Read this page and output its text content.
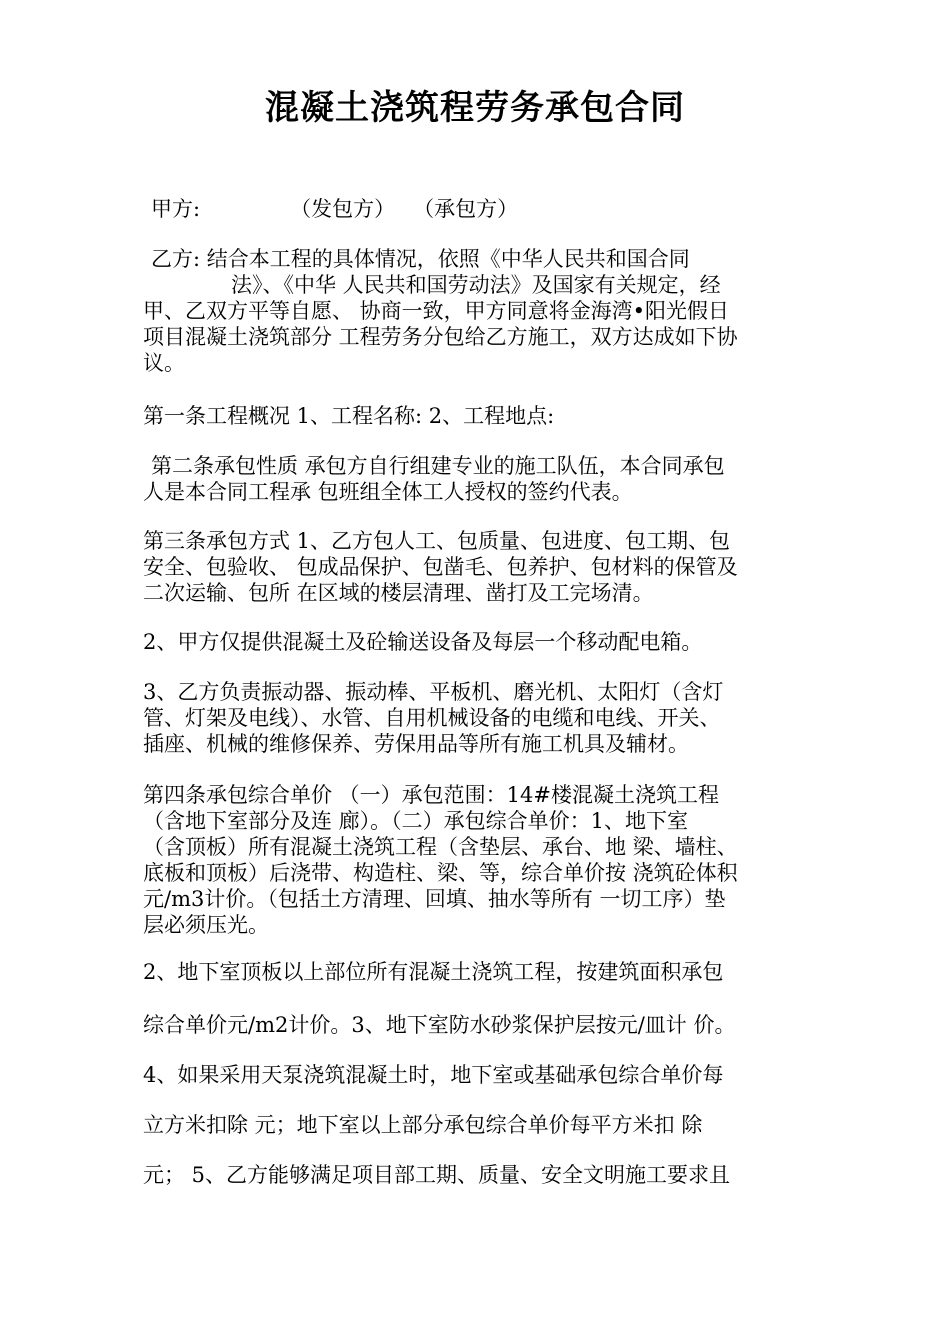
混凝土浇筑程劳务承包合同
甲方:	（发包方） （承包方）
乙方: 结合本工程的具体情况，依照《中华人民共和国合同
法》、《中华 人民共和国劳动法》及国家有关规定，经
甲、乙双方平等自愿、 协商一致，甲方同意将金海湾•阳光假日
项目混凝土浇筑部分 工程劳务分包给乙方施工，双方达成如下协
议。
第一条工程概况 1、工程名称: 2、工程地点:
第二条承包性质 承包方自行组建专业的施工队伍，本合同承包
人是本合同工程承 包班组全体工人授权的签约代表。
第三条承包方式 1、乙方包人工、包质量、包进度、包工期、包
安全、包验收、 包成品保护、包凿毛、包养护、包材料的保管及
二次运输、包所 在区域的楼层清理、凿打及工完场清。
2、甲方仅提供混凝土及砼输送设备及每层一个移动配电箱。
3、乙方负责振动器、振动棒、平板机、磨光机、太阳灯（含灯
管、灯架及电线）、水管、自用机械设备的电缆和电线、开关、
插座、机械的维修保养、劳保用品等所有施工机具及辅材。
第四条承包综合单价 （一）承包范围：14#楼混凝土浇筑工程
（含地下室部分及连 廊）。（二）承包综合单价：1、地下室
（含顶板）所有混凝土浇筑工程（含垫层、承台、地 梁、墙柱、
底板和顶板）后浇带、构造柱、梁、等，综合单价按 浇筑砼体积
元/m3计价。（包括土方清理、回填、抽水等所有 一切工序）垫
层必须压光。
2、地下室顶板以上部位所有混凝土浇筑工程，按建筑面积承包
综合单价元/m2计价。3、地下室防水砂浆保护层按元/皿计 价。
4、如果采用天泵浇筑混凝土时，地下室或基础承包综合单价每
立方米扣除 元；地下室以上部分承包综合单价每平方米扣 除
元； 5、乙方能够满足项目部工期、质量、安全文明施工要求且
